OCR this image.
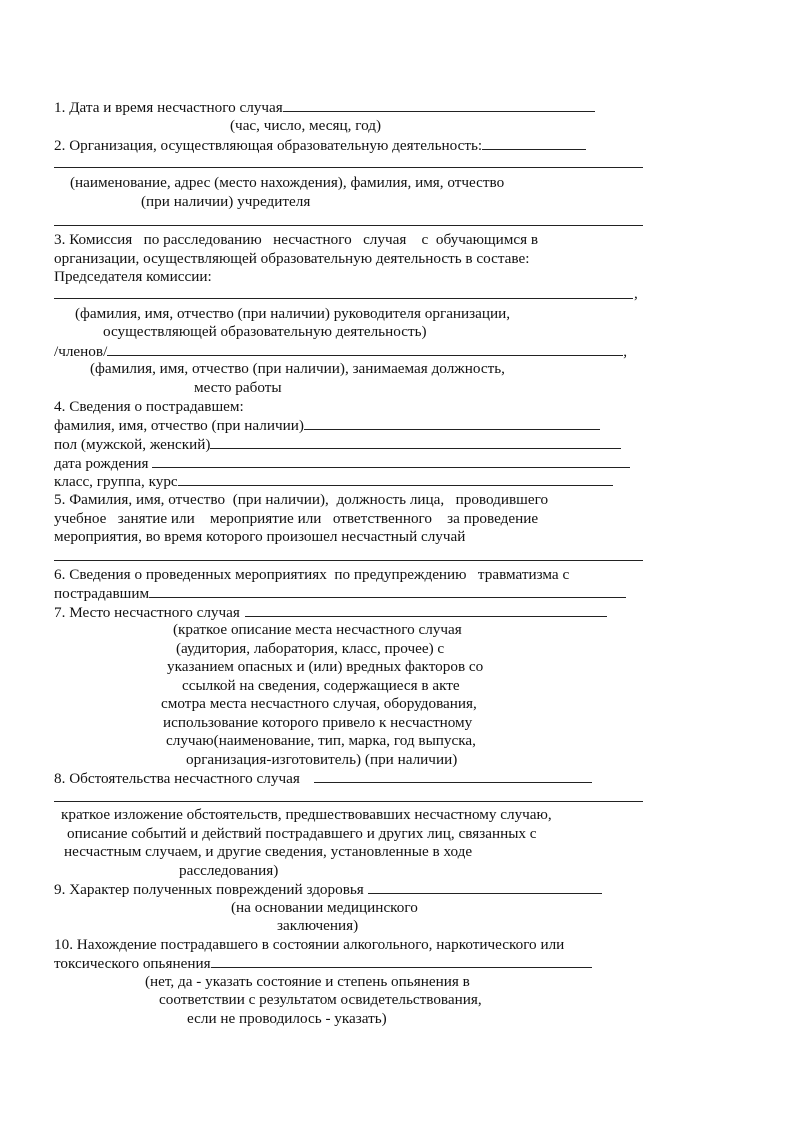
1. Дата и время несчастного случая
(час, число, месяц, год)
2. Организация, осуществляющая образовательную деятельность:
(наименование, адрес (место нахождения), фамилия, имя, отчество
(при наличии) учредителя
3. Комиссия   по расследованию   несчастного   случая    с  обучающимся в
организации, осуществляющей образовательную деятельность в составе:
Председателя комиссии:
,
(фамилия, имя, отчество (при наличии) руководителя организации,
осуществляющей образовательную деятельность)
/членов/	,
(фамилия, имя, отчество (при наличии), занимаемая должность,
место работы
4. Сведения о пострадавшем:
фамилия, имя, отчество (при наличии)
пол (мужской, женский)
дата рождения
класс, группа, курс
5. Фамилия, имя, отчество  (при наличии),  должность лица,   проводившего
учебное   занятие или    мероприятие или   ответственного    за проведение
мероприятия, во время которого произошел несчастный случай
6. Сведения о проведенных мероприятиях  по предупреждению   травматизма с
пострадавшим
7. Место несчастного случая
(краткое описание места несчастного случая
(аудитория, лаборатория, класс, прочее) с
указанием опасных и (или) вредных факторов со
ссылкой на сведения, содержащиеся в акте
смотра места несчастного случая, оборудования,
использование которого привело к несчастному
случаю(наименование, тип, марка, год выпуска,
организация-изготовитель) (при наличии)
8. Обстоятельства несчастного случая
краткое изложение обстоятельств, предшествовавших несчастному случаю,
описание событий и действий пострадавшего и других лиц, связанных с
несчастным случаем, и другие сведения, установленные в ходе
расследования)
9. Характер полученных повреждений здоровья
(на основании медицинского
заключения)
10. Нахождение пострадавшего в состоянии алкогольного, наркотического или
токсического опьянения
(нет, да - указать состояние и степень опьянения в
соответствии с результатом освидетельствования,
если не проводилось - указать)
